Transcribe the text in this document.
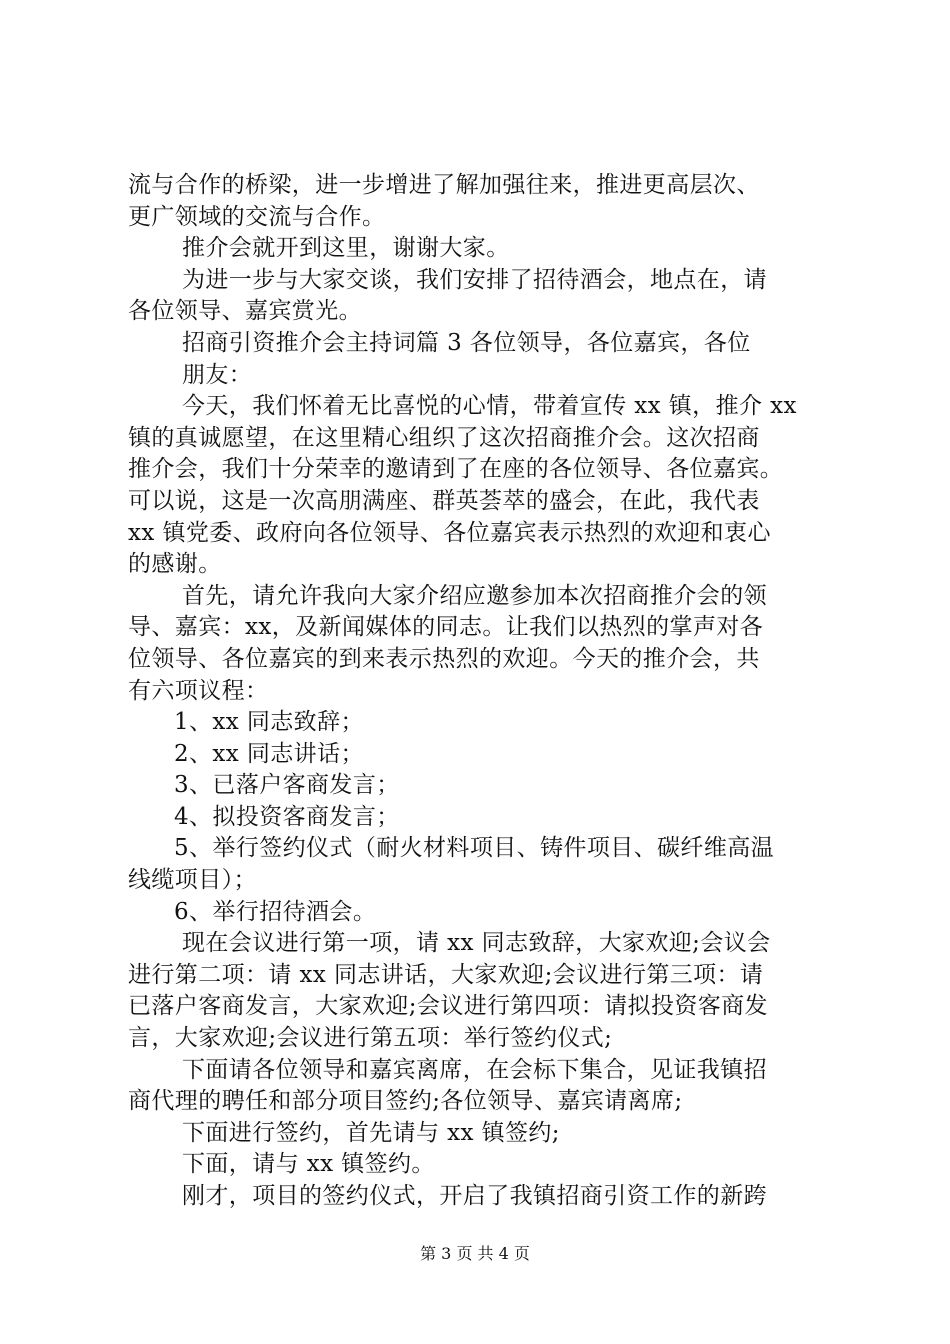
流与合作的桥梁，进一步增进了解加强往来，推进更高层次、
更广领域的交流与合作。
推介会就开到这里，谢谢大家。
为进一步与大家交谈，我们安排了招待酒会，地点在，请
各位领导、嘉宾赏光。
招商引资推介会主持词篇 3 各位领导，各位嘉宾，各位
朋友：
今天，我们怀着无比喜悦的心情，带着宣传 xx 镇，推介 xx
镇的真诚愿望，在这里精心组织了这次招商推介会。这次招商
推介会，我们十分荣幸的邀请到了在座的各位领导、各位嘉宾。
可以说，这是一次高朋满座、群英荟萃的盛会，在此，我代表
xx 镇党委、政府向各位领导、各位嘉宾表示热烈的欢迎和衷心
的感谢。
首先，请允许我向大家介绍应邀参加本次招商推介会的领
导、嘉宾：xx，及新闻媒体的同志。让我们以热烈的掌声对各
位领导、各位嘉宾的到来表示热烈的欢迎。今天的推介会，共
有六项议程：
1、xx 同志致辞；
2、xx 同志讲话；
3、已落户客商发言；
4、拟投资客商发言；
5、举行签约仪式（耐火材料项目、铸件项目、碳纤维高温
线缆项目）；
6、举行招待酒会。
现在会议进行第一项，请 xx 同志致辞，大家欢迎;会议会
进行第二项：请 xx 同志讲话，大家欢迎;会议进行第三项：请
已落户客商发言，大家欢迎;会议进行第四项：请拟投资客商发
言，大家欢迎;会议进行第五项：举行签约仪式;
下面请各位领导和嘉宾离席，在会标下集合，见证我镇招
商代理的聘任和部分项目签约;各位领导、嘉宾请离席;
下面进行签约，首先请与 xx 镇签约;
下面，请与 xx 镇签约。
刚才，项目的签约仪式，开启了我镇招商引资工作的新跨
第 3 页 共 4 页
